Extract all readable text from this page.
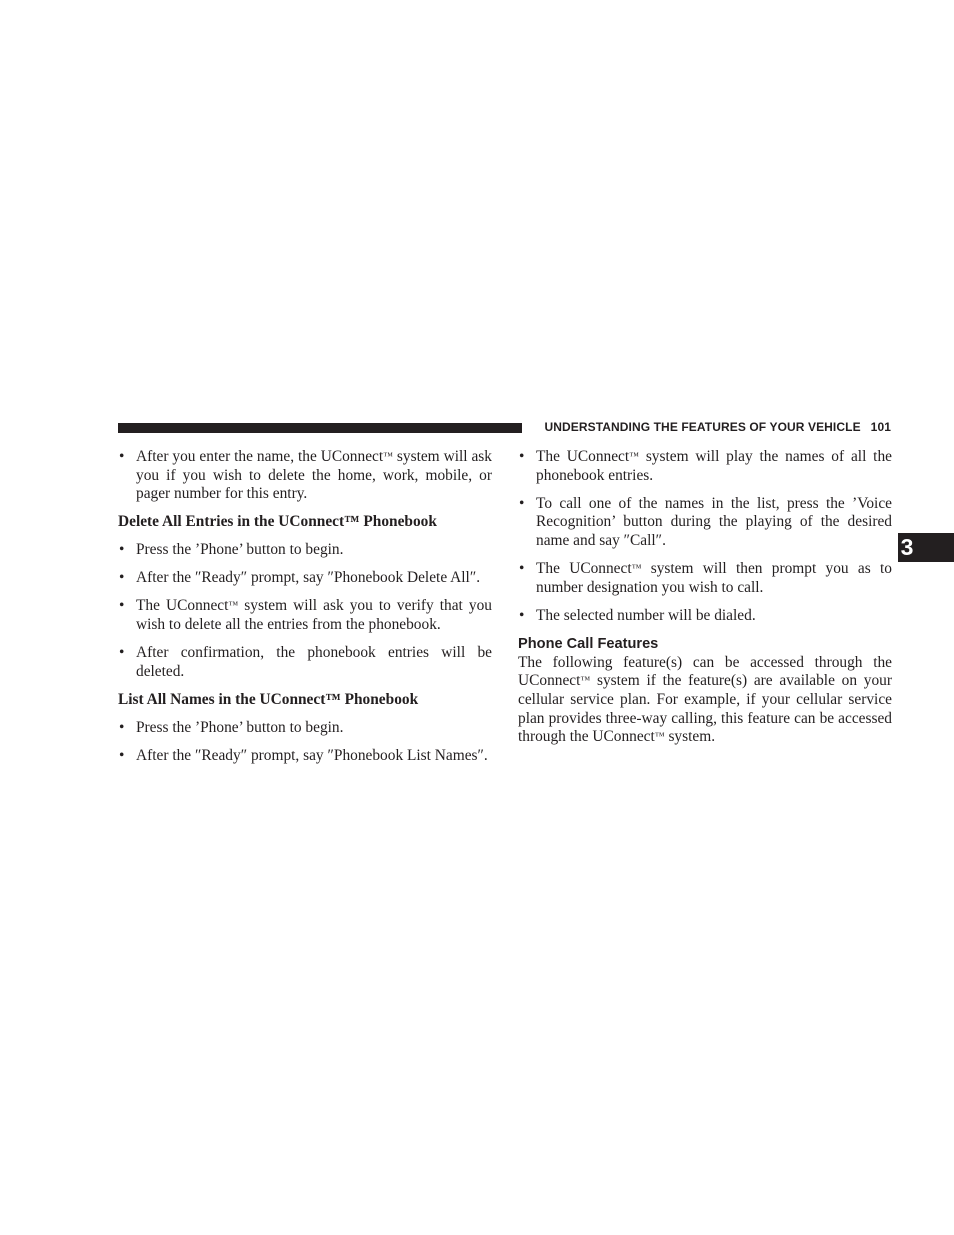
UNDERSTANDING THE FEATURES OF YOUR VEHICLE 101
3
• After you enter the name, the UConnect™ system will ask you if you wish to delete the home, work, mobile, or pager number for this entry.
Delete All Entries in the UConnect™ Phonebook
• Press the ’Phone’ button to begin.
• After the ″Ready″ prompt, say ″Phonebook Delete All″.
• The UConnect™ system will ask you to verify that you wish to delete all the entries from the phonebook.
• After confirmation, the phonebook entries will be deleted.
List All Names in the UConnect™ Phonebook
• Press the ’Phone’ button to begin.
• After the ″Ready″ prompt, say ″Phonebook List Names″.
• The UConnect™ system will play the names of all the phonebook entries.
• To call one of the names in the list, press the ’Voice Recognition’ button during the playing of the desired name and say ″Call″.
• The UConnect™ system will then prompt you as to number designation you wish to call.
• The selected number will be dialed.
Phone Call Features
The following feature(s) can be accessed through the UConnect™ system if the feature(s) are available on your cellular service plan. For example, if your cellular service plan provides three-way calling, this feature can be accessed through the UConnect™ system.
